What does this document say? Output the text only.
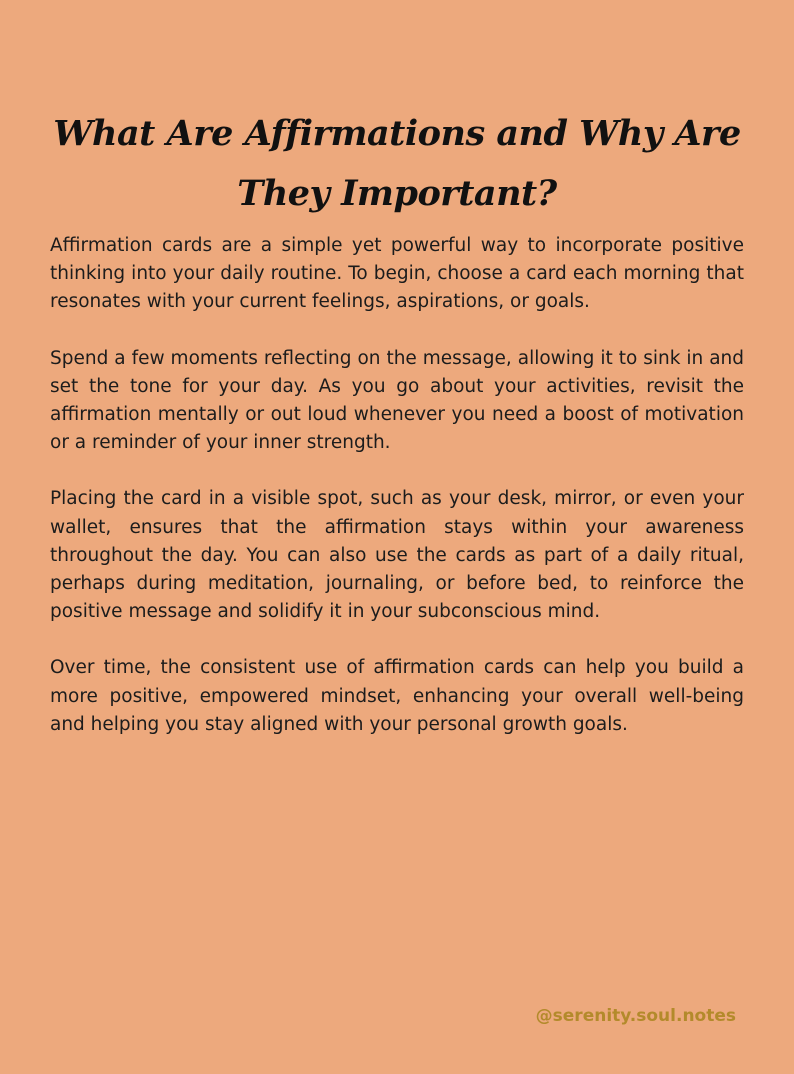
What Are Affirmations and Why Are They Important?

Affirmation cards are a simple yet powerful way to incorporate positive thinking into your daily routine. To begin, choose a card each morning that resonates with your current feelings, aspirations, or goals.

Spend a few moments reflecting on the message, allowing it to sink in and set the tone for your day. As you go about your activities, revisit the affirmation mentally or out loud whenever you need a boost of motivation or a reminder of your inner strength.

Placing the card in a visible spot, such as your desk, mirror, or even your wallet, ensures that the affirmation stays within your awareness throughout the day. You can also use the cards as part of a daily ritual, perhaps during meditation, journaling, or before bed, to reinforce the positive message and solidify it in your subconscious mind.

Over time, the consistent use of affirmation cards can help you build a more positive, empowered mindset, enhancing your overall well-being and helping you stay aligned with your personal growth goals.

@serenity.soul.notes
